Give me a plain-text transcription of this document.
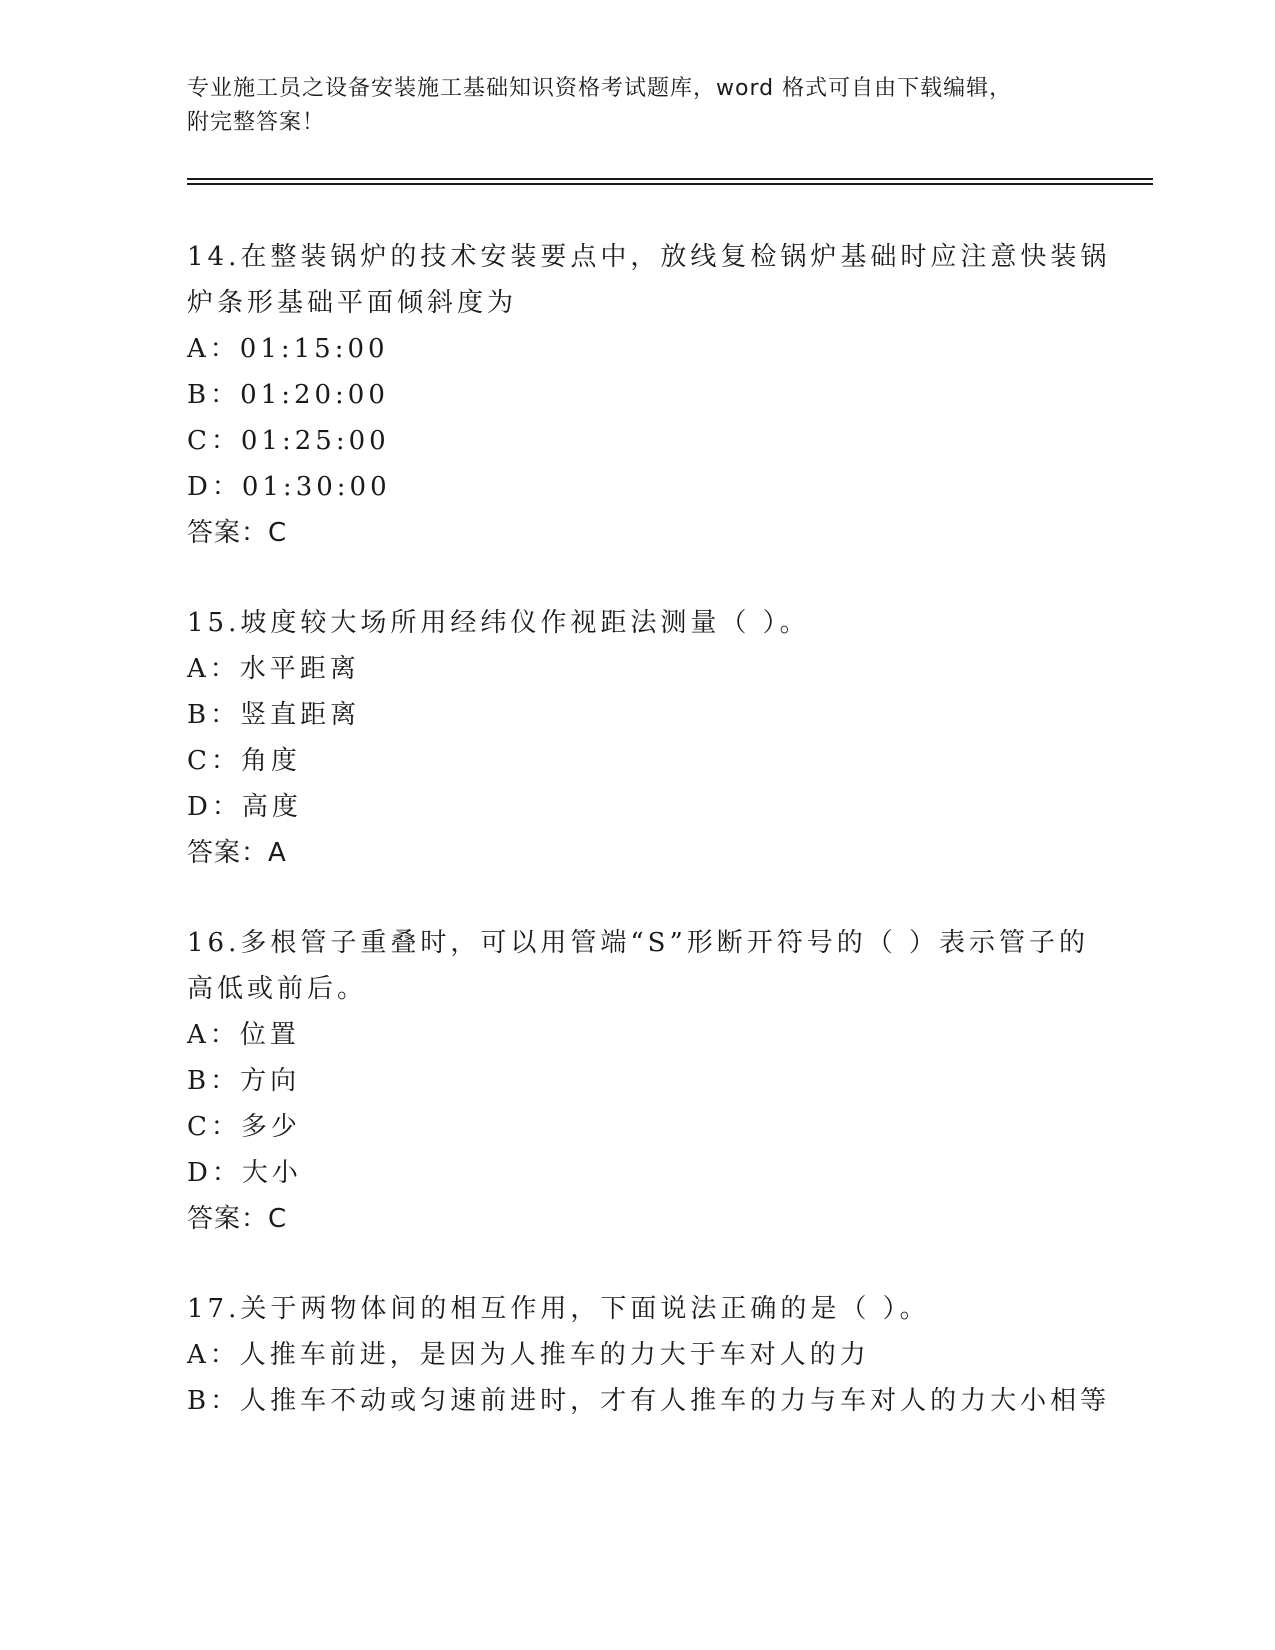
专业施工员之设备安装施工基础知识资格考试题库，word 格式可自由下载编辑，
附完整答案！
14.在整装锅炉的技术安装要点中，放线复检锅炉基础时应注意快装锅
炉条形基础平面倾斜度为
A：01:15:00
B：01:20:00
C：01:25:00
D：01:30:00
答案：C
15.坡度较大场所用经纬仪作视距法测量（ ）。
A：水平距离
B：竖直距离
C：角度
D：高度
答案：A
16.多根管子重叠时，可以用管端“S”形断开符号的（ ）表示管子的
高低或前后。
A：位置
B：方向
C：多少
D：大小
答案：C
17.关于两物体间的相互作用，下面说法正确的是（ ）。
A：人推车前进，是因为人推车的力大于车对人的力
B：人推车不动或匀速前进时，才有人推车的力与车对人的力大小相等
